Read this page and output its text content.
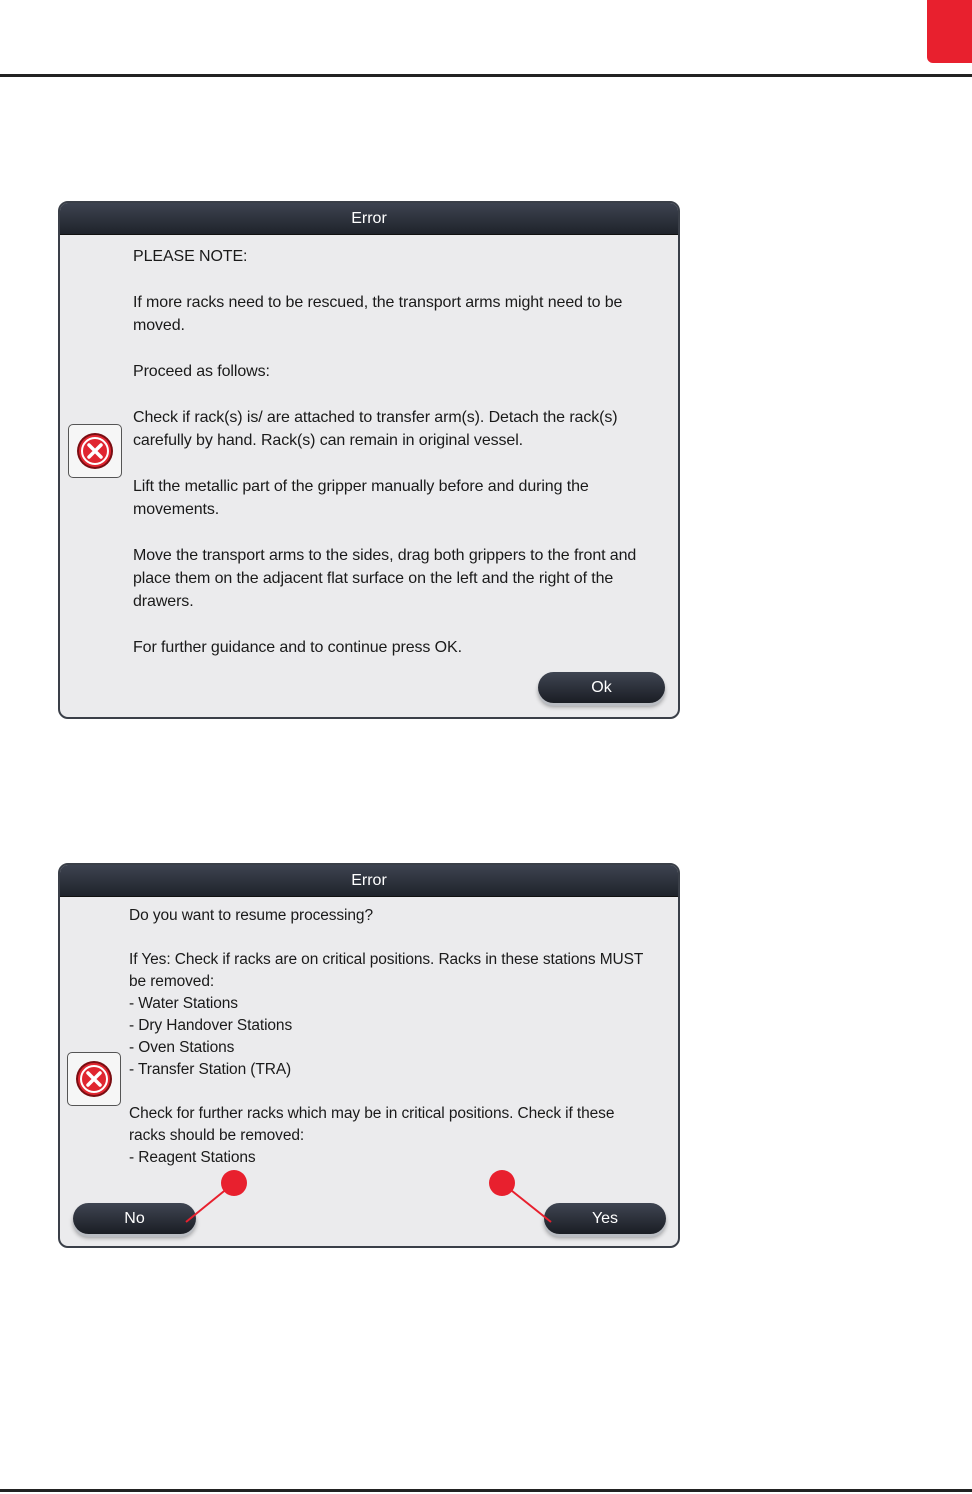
Error
PLEASE NOTE:
If more racks need to be rescued, the transport arms might need to be
moved.
Proceed as follows:
Check if rack(s) is/ are attached to transfer arm(s). Detach the rack(s)
carefully by hand. Rack(s) can remain in original vessel.
Lift the metallic part of the gripper manually before and during the
movements.
Move the transport arms to the sides, drag both grippers to the front and
place them on the adjacent flat surface on the left and the right of the
drawers.
For further guidance and to continue press OK.
Ok
Error
Do you want to resume processing?
If Yes: Check if racks are on critical positions. Racks in these stations MUST
be removed:
- Water Stations
- Dry Handover Stations
- Oven Stations
- Transfer Station (TRA)
Check for further racks which may be in critical positions. Check if these
racks should be removed:
- Reagent Stations
No	Yes
